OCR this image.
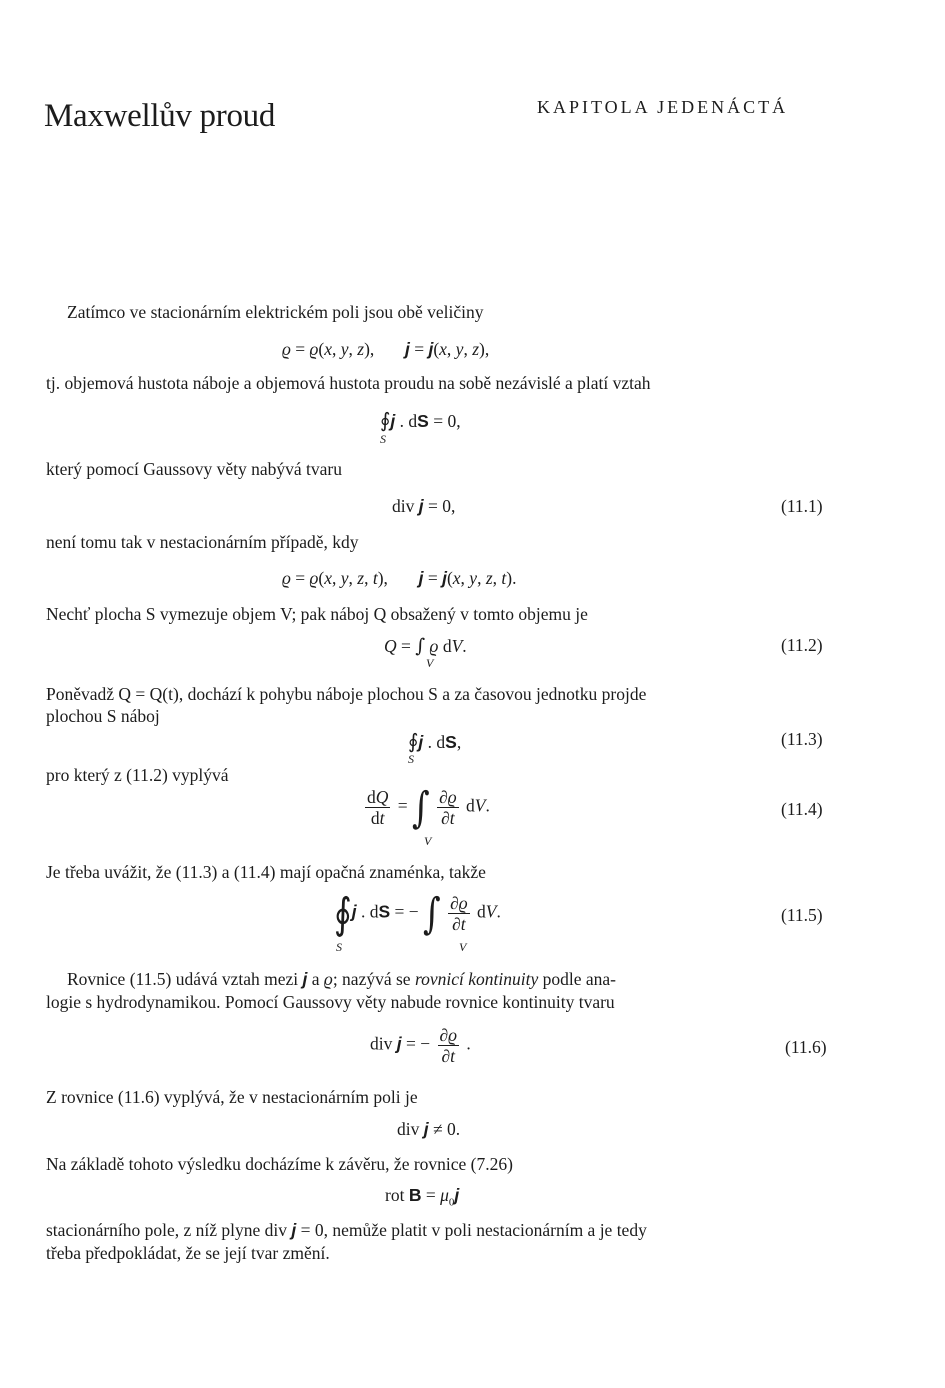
Maxwellův proud	KAPITOLA JEDENÁCTÁ
Zatímco ve stacionárním elektrickém poli jsou obě veličiny
ϱ = ϱ(x, y, z),       j = j(x, y, z),
tj. objemová hustota náboje a objemová hustota proudu na sobě nezávislé a platí vztah
∮j . dS = 0,
S
který pomocí Gaussovy věty nabývá tvaru
div j = 0,	(11.1)
není tomu tak v nestacionárním případě, kdy
ϱ = ϱ(x, y, z, t),       j = j(x, y, z, t).
Nechť plocha S vymezuje objem V; pak náboj Q obsažený v tomto objemu je
Q = ∫ ϱ dV.
V
(11.2)
Poněvadž Q = Q(t), dochází k pohybu náboje plochou S a za časovou jednotku projde
plochou S náboj
∮j . dS,
S
(11.3)
pro který z (11.2) vyplývá
$\frac{dQ}{dt}$ = ∫ $\frac{\partial ϱ}{\partial t}$ dV.
V
(11.4)
Je třeba uvážit, že (11.3) a (11.4) mají opačná znaménka, takže
∮j . dS = − ∫ $\frac{\partial ϱ}{\partial t}$ dV.
S	V
(11.5)
Rovnice (11.5) udává vztah mezi j a ϱ; nazývá se rovnicí kontinuity podle ana-
logie s hydrodynamikou. Pomocí Gaussovy věty nabude rovnice kontinuity tvaru
div j = − $\frac{\partial ϱ}{\partial t}$ .	(11.6)
Z rovnice (11.6) vyplývá, že v nestacionárním poli je
div j ≠ 0.
Na základě tohoto výsledku docházíme k závěru, že rovnice (7.26)
rot $B = \mu_0j$
stacionárního pole, z níž plyne div j = 0, nemůže platit v poli nestacionárním a je tedy
třeba předpokládat, že se její tvar změní.
